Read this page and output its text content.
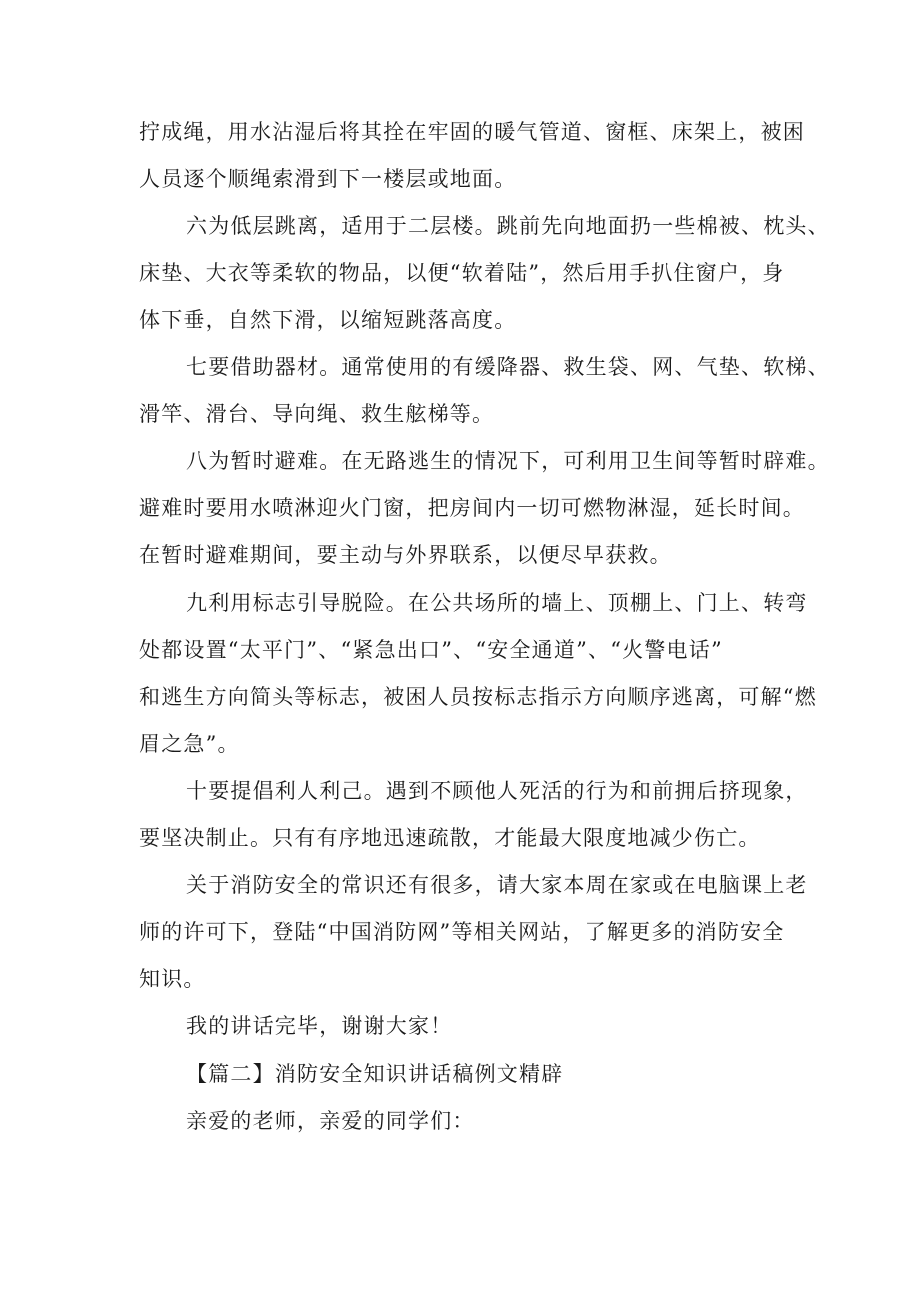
拧成绳，用水沾湿后将其拴在牢固的暖气管道、窗框、床架上，被困
人员逐个顺绳索滑到下一楼层或地面。
六为低层跳离，适用于二层楼。跳前先向地面扔一些棉被、枕头、
床垫、大衣等柔软的物品，以便“软着陆”，然后用手扒住窗户，身
体下垂，自然下滑，以缩短跳落高度。
七要借助器材。通常使用的有缓降器、救生袋、网、气垫、软梯、
滑竿、滑台、导向绳、救生舷梯等。
八为暂时避难。在无路逃生的情况下，可利用卫生间等暂时辟难。
避难时要用水喷淋迎火门窗，把房间内一切可燃物淋湿，延长时间。
在暂时避难期间，要主动与外界联系，以便尽早获救。
九利用标志引导脱险。在公共场所的墙上、顶棚上、门上、转弯
处都设置“太平门”、“紧急出口”、“安全通道”、“火警电话”
和逃生方向简头等标志，被困人员按标志指示方向顺序逃离，可解“燃
眉之急”。
十要提倡利人利己。遇到不顾他人死活的行为和前拥后挤现象，
要坚决制止。只有有序地迅速疏散，才能最大限度地减少伤亡。
关于消防安全的常识还有很多，请大家本周在家或在电脑课上老
师的许可下，登陆“中国消防网”等相关网站，了解更多的消防安全
知识。
我的讲话完毕，谢谢大家！
【篇二】消防安全知识讲话稿例文精辟
亲爱的老师，亲爱的同学们：
